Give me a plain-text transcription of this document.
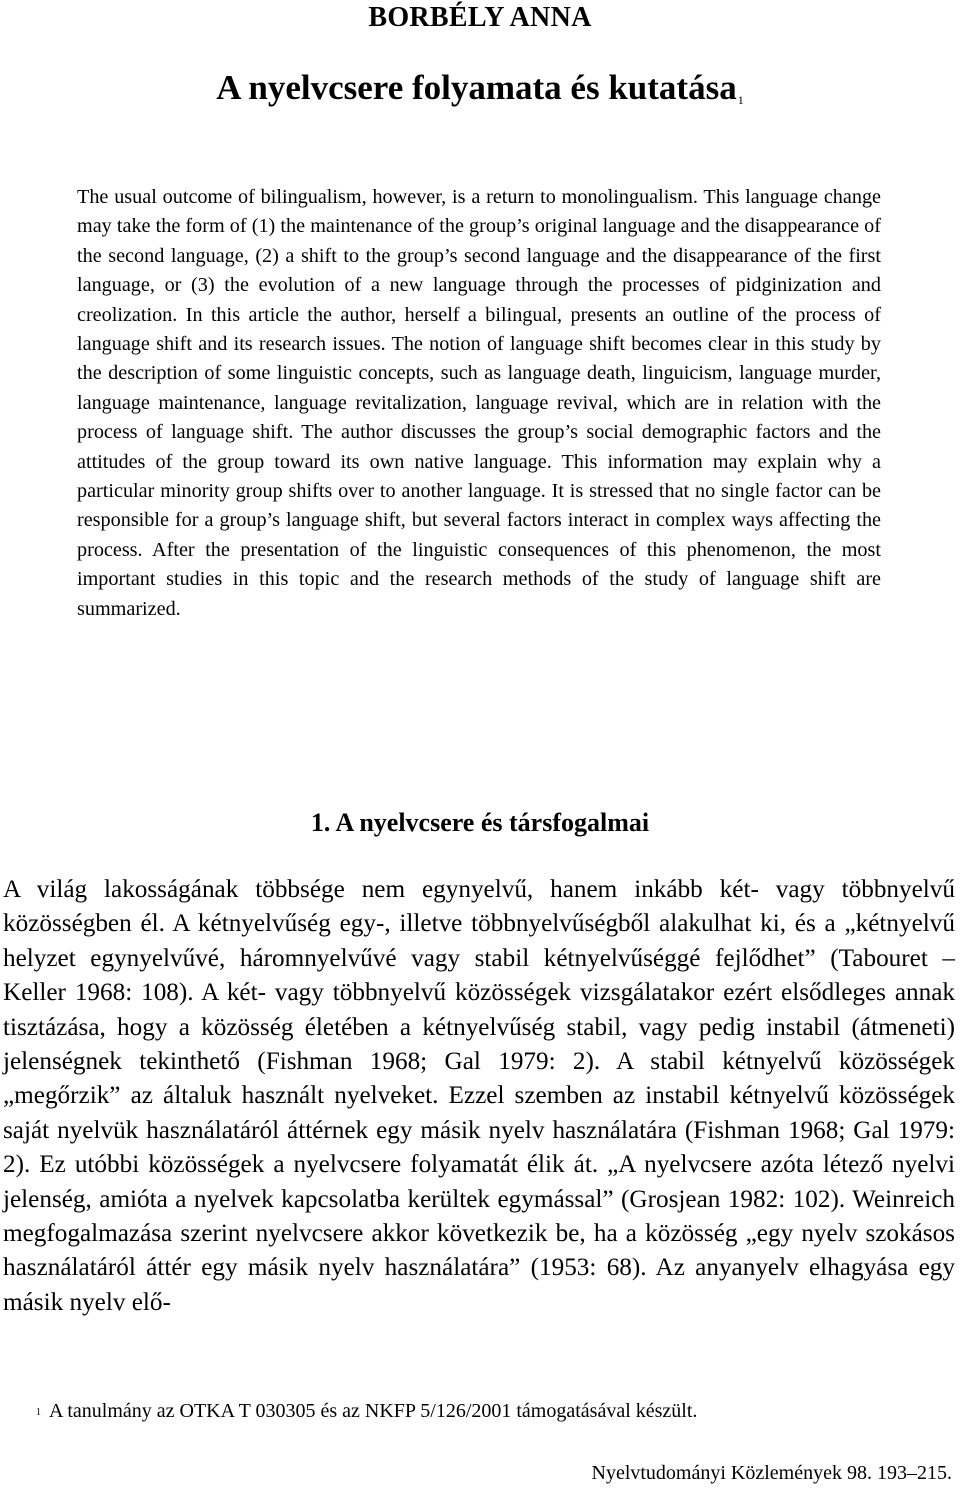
BORBÉLY ANNA
A nyelvcsere folyamata és kutatása$^1$

The usual outcome of bilingualism, however, is a return to monolingualism. This language change may take the form of (1) the maintenance of the group’s original language and the disappearance of the second language, (2) a shift to the group’s second language and the disappearance of the first language, or (3) the evolution of a new language through the processes of pidginization and creolization. In this article the author, herself a bilingual, presents an outline of the process of language shift and its research issues. The notion of language shift becomes clear in this study by the description of some linguistic concepts, such as language death, linguicism, language murder, language maintenance, language revitalization, language revival, which are in relation with the process of language shift. The author discusses the group’s social demographic factors and the attitudes of the group toward its own native language. This information may explain why a particular minority group shifts over to another language. It is stressed that no single factor can be responsible for a group’s language shift, but several factors interact in complex ways affecting the process. After the presentation of the linguistic consequences of this phenomenon, the most important studies in this topic and the research methods of the study of language shift are summarized.

1. A nyelvcsere és társfogalmai

A világ lakosságának többsége nem egynyelvű, hanem inkább két- vagy többnyelvű közösségben él. A kétnyelvűség egy-, illetve többnyelvűségből alakulhat ki, és a „kétnyelvű helyzet egynyelvűvé, háromnyelvűvé vagy stabil kétnyelvűséggé fejlődhet” (Tabouret – Keller 1968: 108). A két- vagy többnyelvű közösségek vizsgálatakor ezért elsődleges annak tisztázása, hogy a közösség életében a kétnyelvűség stabil, vagy pedig instabil (átmeneti) jelenségnek tekinthető (Fishman 1968; Gal 1979: 2). A stabil kétnyelvű közösségek „megőrzik” az általuk használt nyelveket. Ezzel szemben az instabil kétnyelvű közösségek saját nyelvük használatáról áttérnek egy másik nyelv használatára (Fishman 1968; Gal 1979: 2). Ez utóbbi közösségek a nyelvcsere folyamatát élik át. „A nyelvcsere azóta létező nyelvi jelenség, amióta a nyelvek kapcsolatba kerültek egymással” (Grosjean 1982: 102). Weinreich megfogalmazása szerint nyelvcsere akkor következik be, ha a közösség „egy nyelv szokásos használatáról áttér egy másik nyelv használatára” (1953: 68). Az anyanyelv elhagyása egy másik nyelv elő-

$^1$ A tanulmány az OTKA T 030305 és az NKFP 5/126/2001 támogatásával készült.

Nyelvtudományi Közlemények 98. 193–215.
